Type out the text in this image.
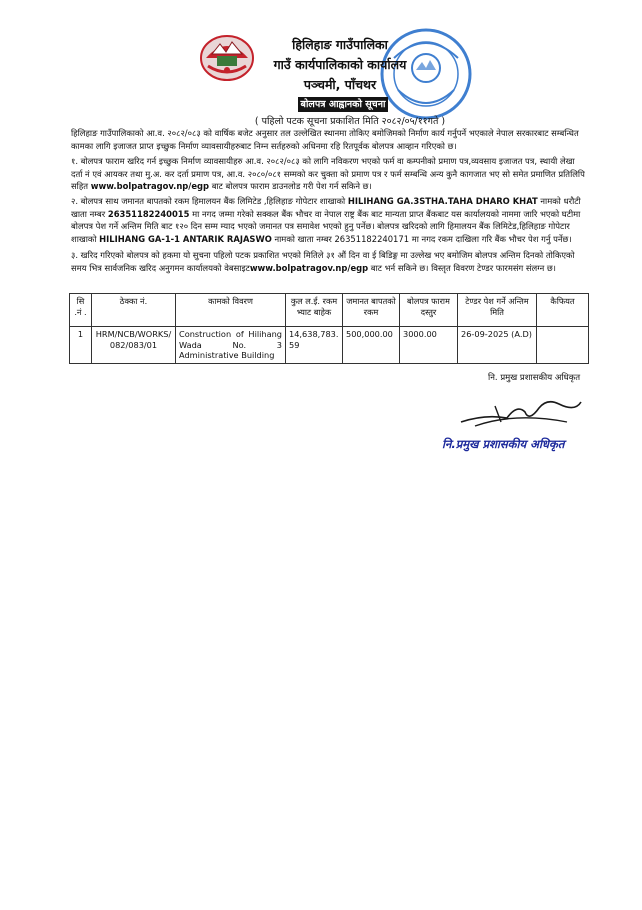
हिलिहाङ गाउँपालिका
गाउँ कार्यपालिकाको कार्यालय
पञ्चमी, पाँचथर
बोलपत्र आह्वानको सूचना
( पहिलो पटक सूचना प्रकाशित मिति २०८२/०५/११गते )
हिलिहाङ गाउँपालिकाको आ.व. २०८२/०८३ को वार्षिक बजेट अनुसार तल उल्लेखित स्थानमा तोकिए बमोजिमको निर्माण कार्य गर्नुपर्ने भएकाले नेपाल सरकारबाट सम्बन्धित कामका लागि इजाजत प्राप्त इच्छुक निर्माण व्यावसायीहरुबाट निम्न सर्तहरुको अधिनमा रहि रितपूर्वक बोलपत्र आव्हान गरिएको छ।
१. बोलपत्र फाराम खरिद गर्न इच्छुक निर्माण व्यावसायीहरु आ.व. २०८२/०८३ को लागि नविकरण भएको फर्म वा कम्पनीको प्रमाण पत्र,व्यवसाय इजाजत पत्र, स्थायी लेखा दर्ता नं एवं आयकर तथा मु.अ. कर दर्ता प्रमाण पत्र, आ.व. २०८०/०८१ सम्मको कर चुक्ता को प्रमाण पत्र र फर्म सम्बन्धि अन्य कुनै कागजात भए सो समेत प्रमाणित प्रतिलिपि सहित www.bolpatragov.np/egp बाट बोलपत्र फाराम डाउनलोड गरी पेश गर्न सकिने छ।
२. बोलपत्र साथ जमानत बापतको रकम हिमालयन बैंक लिमिटेड ,हिलिहाङ गोपेटार शाखाको HILIHANG GA.3STHA.TAHA DHARO KHAT नामको धरौटी खाता नम्बर 26351182240015 मा नगद जम्मा गरेको सक्कल बैंक भौचर वा नेपाल राष्ट्र बैंक बाट मान्यता प्राप्त बैंकबाट यस कार्यालयको नाममा जारि भएको घटीमा बोलपत्र पेश गर्ने अन्तिम मिति बाट १२० दिन सम्म म्याद भएको जमानत पत्र समावेश भएको हुनु पर्नेछ। बोलपत्र खरिदको लागि हिमालयन बैंक लिमिटेड,हिलिहाङ गोपेटार शाखाको HILIHANG GA-1-1 ANTARIK RAJASWO नामको खाता नम्बर 26351182240171 मा नगद रकम दाखिला गरि बैंक भौचर पेश गर्नु पर्नेछ।
३. खरिद गरिएको बोलपत्र को हकमा यो सुचना पहिलो पटक प्रकाशित भएको मितिले ३१ औं दिन वा ई बिडिङ्ग मा उल्लेख भए बमोजिम बोलपत्र अन्तिम दिनको तोकिएको समय भित्र सार्वजनिक खरिद अनुगमन कार्यालयको वेबसाइटwww.bolpatragov.np/egp बाट भर्न सकिने छ। विस्तृत विवरण टेण्डर फारमसंग संलग्न छ।
सि .नं .	ठेक्का नं.	कामको विवरण	कुल ल.ई. रकम भ्याट बाहेक	जमानत बापतको रकम	बोलपत्र फाराम दस्तुर	टेण्डर पेश गर्ने अन्तिम मिति	कैफियत
1	HRM/NCB/WORKS/082/083/01	Construction of Hilihang Wada No. 3 Administrative Building	14,638,783.59	500,000.00	3000.00	26-09-2025 (A.D)	
नि. प्रमुख प्रशासकीय अधिकृत
नि.प्रमुख प्रशासकीय अधिकृत
